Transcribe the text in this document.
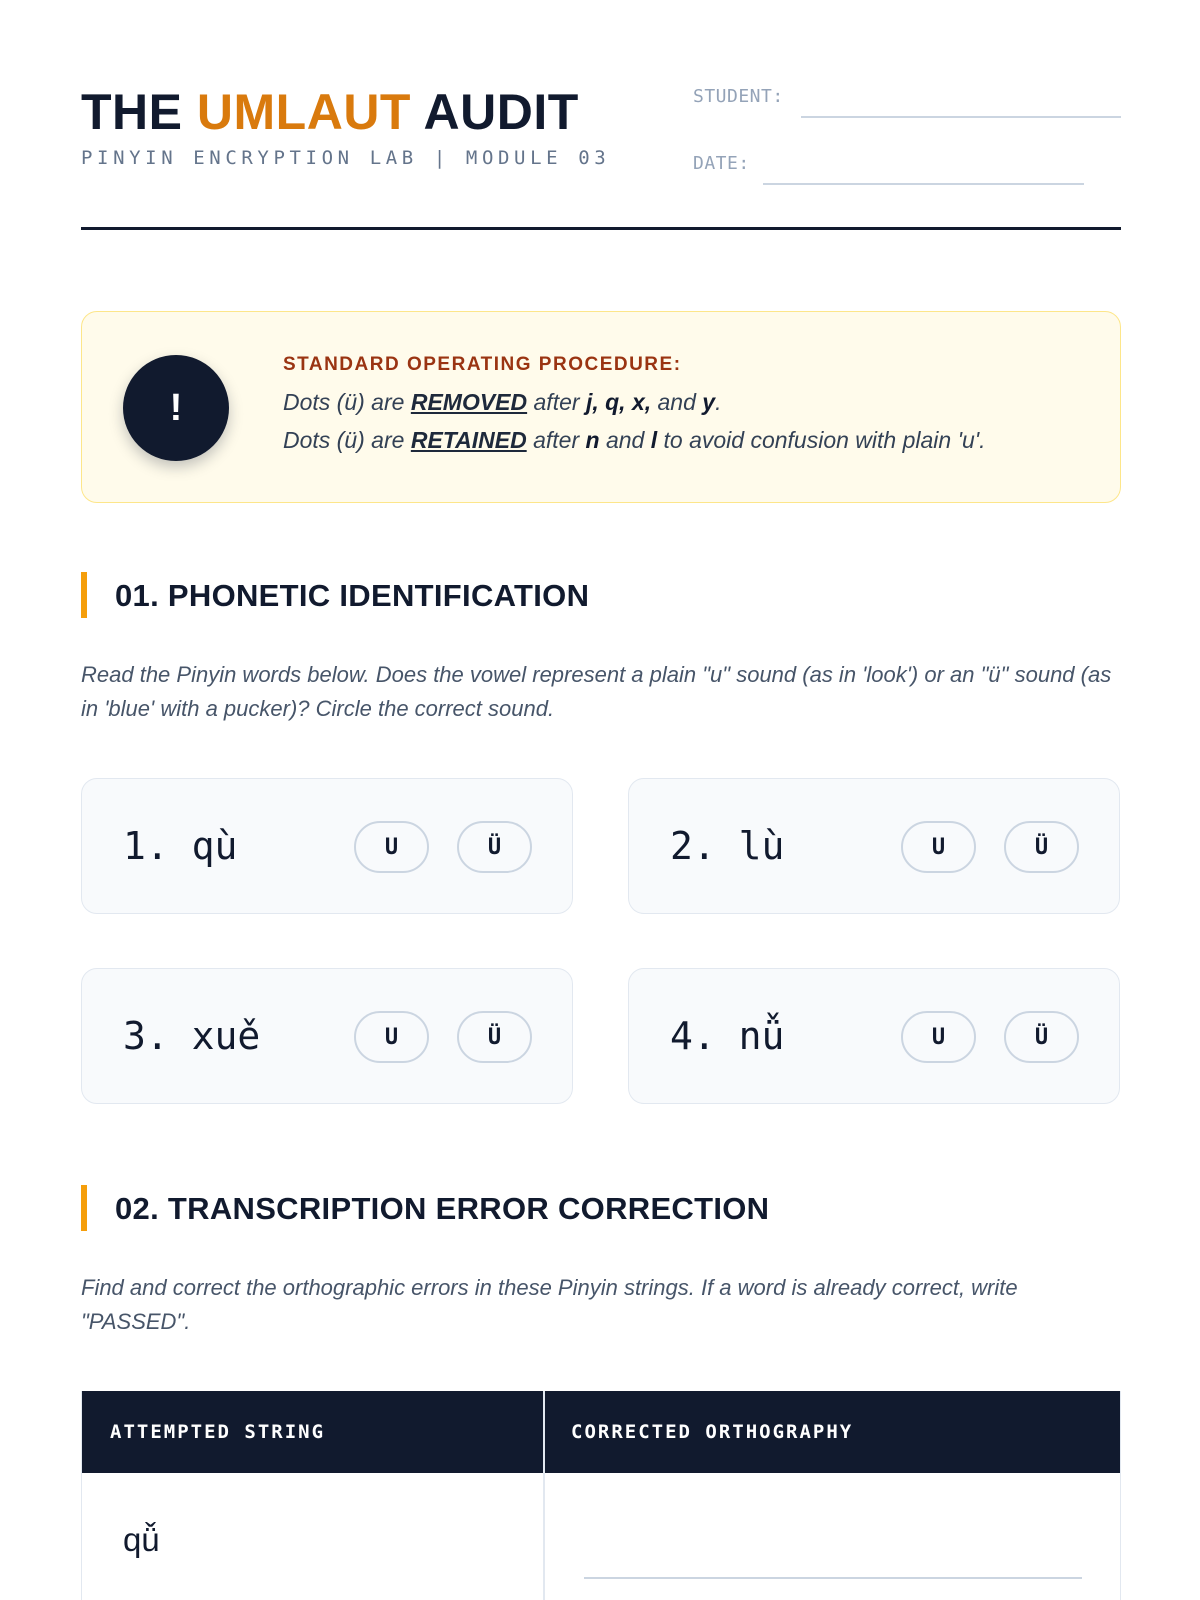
THE UMLAUT AUDIT
PINYIN ENCRYPTION LAB | MODULE 03
STUDENT:
DATE:
!
STANDARD OPERATING PROCEDURE:
Dots (ü) are REMOVED after j, q, x, and y.
Dots (ü) are RETAINED after n and l to avoid confusion with plain 'u'.
01. PHONETIC IDENTIFICATION
Read the Pinyin words below. Does the vowel represent a plain "u" sound (as in 'look') or an "ü" sound (as in 'blue' with a pucker)? Circle the correct sound.
1. qù	U	Ü	2. lù	U	Ü
3. xuě	U	Ü	4. nǚ	U	Ü
02. TRANSCRIPTION ERROR CORRECTION
Find and correct the orthographic errors in these Pinyin strings. If a word is already correct, write "PASSED".
ATTEMPTED STRING	CORRECTED ORTHOGRAPHY
qǚ
